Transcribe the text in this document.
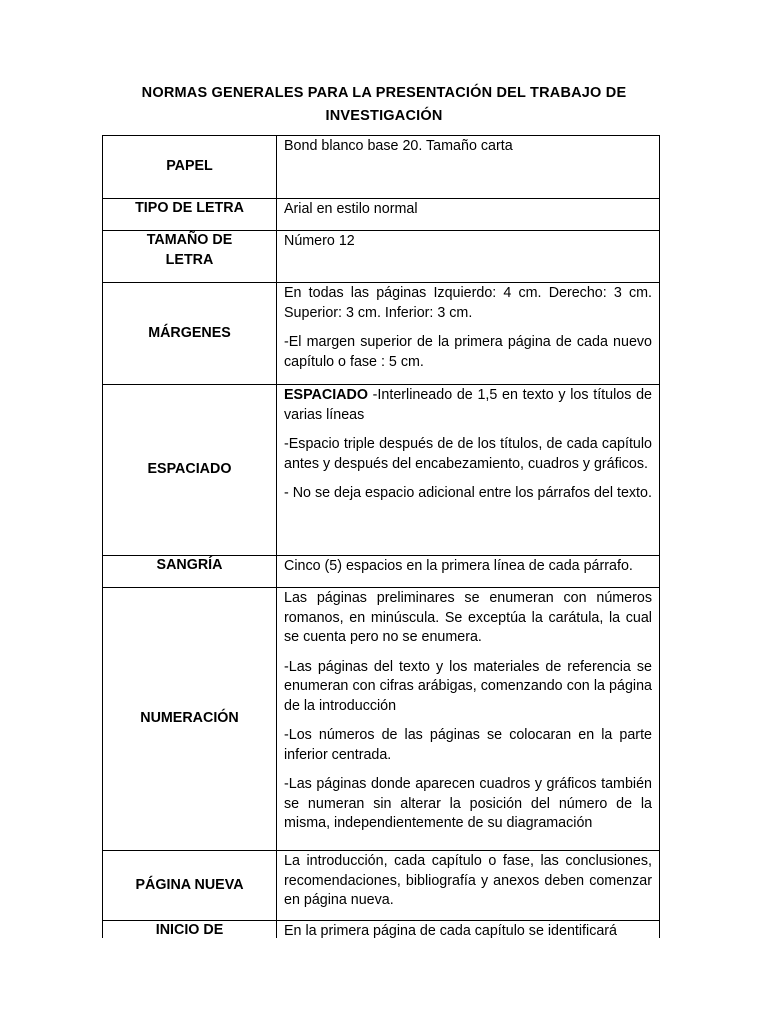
NORMAS GENERALES PARA LA PRESENTACIÓN DEL TRABAJO DE
INVESTIGACIÓN
PAPEL	Bond blanco base 20. Tamaño carta

TIPO DE LETRA	Arial en estilo normal

TAMAÑO DE
LETRA	Número 12

MÁRGENES	En todas las páginas Izquierdo: 4 cm. Derecho: 3 cm. Superior: 3 cm. Inferior: 3 cm.

-El margen superior de la primera página de cada nuevo capítulo o fase : 5 cm.

ESPACIADO	ESPACIADO -Interlineado de 1,5 en texto y los títulos de varias líneas

-Espacio triple después de de los títulos, de cada capítulo antes y después del encabezamiento, cuadros y gráficos.

- No se deja espacio adicional entre los párrafos del texto.

SANGRÍA	Cinco (5) espacios en la primera línea de cada párrafo.

NUMERACIÓN	Las páginas preliminares se enumeran con números romanos, en minúscula. Se exceptúa la carátula, la cual se cuenta pero no se enumera.

-Las páginas del texto y los materiales de referencia se enumeran con cifras arábigas, comenzando con la página de la introducción

-Los números de las páginas se colocaran en la parte inferior centrada.

-Las páginas donde aparecen cuadros y gráficos también se numeran sin alterar la posición del número de la misma, independientemente de su diagramación

PÁGINA NUEVA	La introducción, cada capítulo o fase, las conclusiones, recomendaciones, bibliografía y anexos deben comenzar en página nueva.

INICIO DE	En la primera página de cada capítulo se identificará
